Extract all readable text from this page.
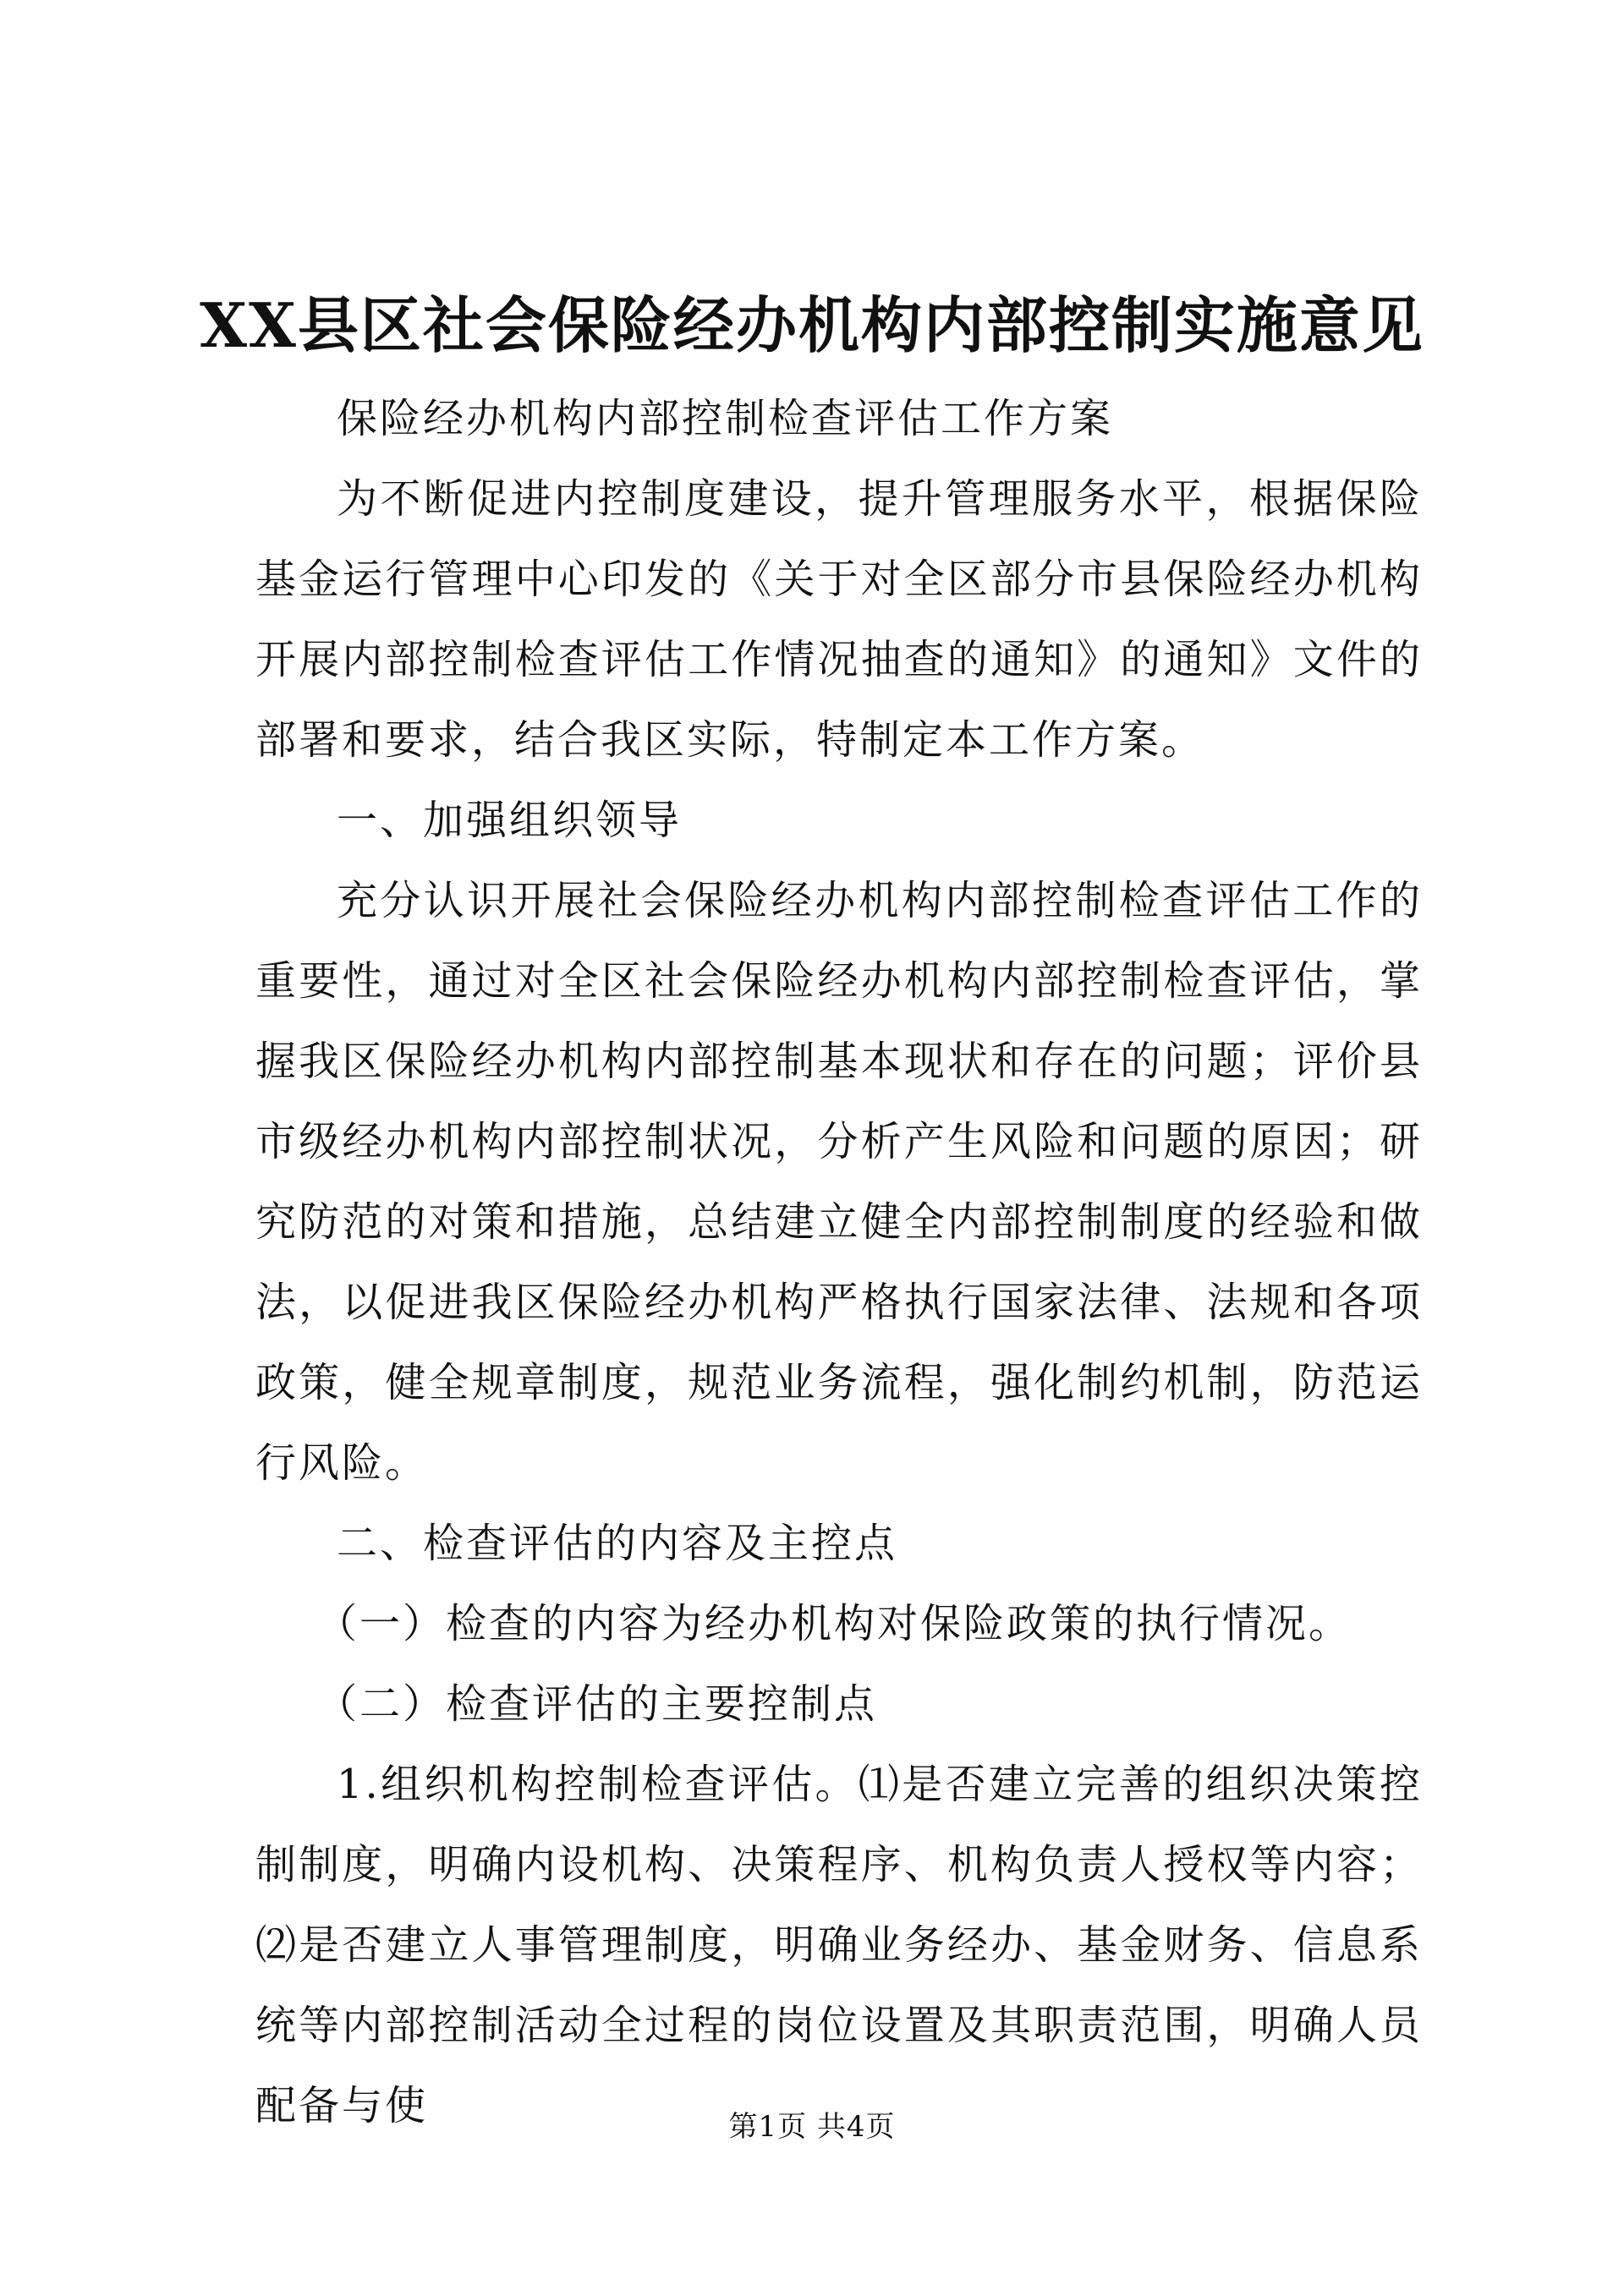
XX县区社会保险经办机构内部控制实施意见

保险经办机构内部控制检查评估工作方案

为不断促进内控制度建设，提升管理服务水平，根据保险基金运行管理中心印发的《关于对全区部分市县保险经办机构开展内部控制检查评估工作情况抽查的通知》的通知》文件的部署和要求，结合我区实际，特制定本工作方案。

一、加强组织领导

充分认识开展社会保险经办机构内部控制检查评估工作的重要性，通过对全区社会保险经办机构内部控制检查评估，掌握我区保险经办机构内部控制基本现状和存在的问题；评价县市级经办机构内部控制状况，分析产生风险和问题的原因；研究防范的对策和措施，总结建立健全内部控制制度的经验和做法，以促进我区保险经办机构严格执行国家法律、法规和各项政策，健全规章制度，规范业务流程，强化制约机制，防范运行风险。

二、检查评估的内容及主控点

（一）检查的内容为经办机构对保险政策的执行情况。

（二）检查评估的主要控制点

1.组织机构控制检查评估。⑴是否建立完善的组织决策控制制度，明确内设机构、决策程序、机构负责人授权等内容；⑵是否建立人事管理制度，明确业务经办、基金财务、信息系统等内部控制活动全过程的岗位设置及其职责范围，明确人员配备与使	第1页 共4页
